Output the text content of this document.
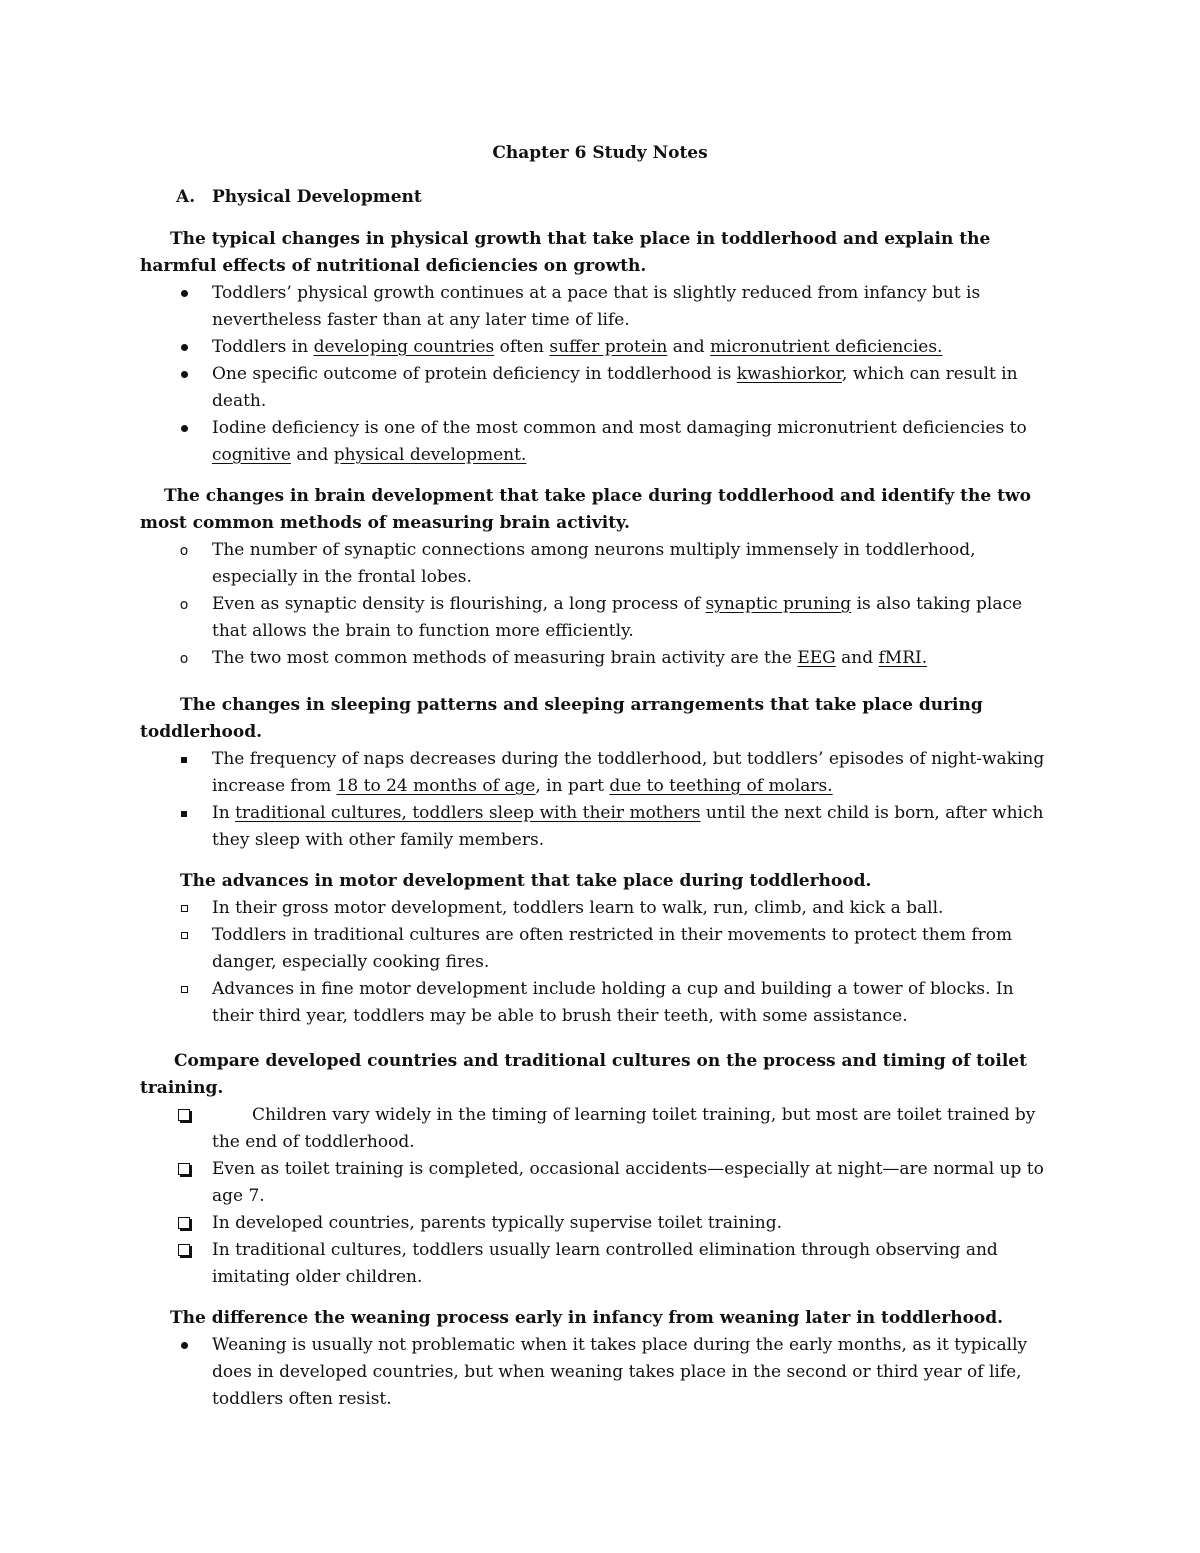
Chapter 6 Study Notes
A. Physical Development

The typical changes in physical growth that take place in toddlerhood and explain the harmful effects of nutritional deficiencies on growth.

Toddlers’ physical growth continues at a pace that is slightly reduced from infancy but is nevertheless faster than at any later time of life.
Toddlers in developing countries often suffer protein and micronutrient deficiencies.
One specific outcome of protein deficiency in toddlerhood is kwashiorkor, which can result in death.
Iodine deficiency is one of the most common and most damaging micronutrient deficiencies to cognitive and physical development.

The changes in brain development that take place during toddlerhood and identify the two most common methods of measuring brain activity.

o
The number of synaptic connections among neurons multiply immensely in toddlerhood, especially in the frontal lobes.
o
Even as synaptic density is flourishing, a long process of synaptic pruning is also taking place that allows the brain to function more efficiently.
o
The two most common methods of measuring brain activity are the EEG and fMRI.

The changes in sleeping patterns and sleeping arrangements that take place during toddlerhood.

The frequency of naps decreases during the toddlerhood, but toddlers’ episodes of night-waking increase from 18 to 24 months of age, in part due to teething of molars.
In traditional cultures, toddlers sleep with their mothers until the next child is born, after which they sleep with other family members.

The advances in motor development that take place during toddlerhood.

In their gross motor development, toddlers learn to walk, run, climb, and kick a ball.
Toddlers in traditional cultures are often restricted in their movements to protect them from danger, especially cooking fires.
Advances in fine motor development include holding a cup and building a tower of blocks. In their third year, toddlers may be able to brush their teeth, with some assistance.

Compare developed countries and traditional cultures on the process and timing of toilet training.

Children vary widely in the timing of learning toilet training, but most are toilet trained by the end of toddlerhood.
Even as toilet training is completed, occasional accidents—especially at night—are normal up to age 7.
In developed countries, parents typically supervise toilet training.
In traditional cultures, toddlers usually learn controlled elimination through observing and imitating older children.

The difference the weaning process early in infancy from weaning later in toddlerhood.

Weaning is usually not problematic when it takes place during the early months, as it typically does in developed countries, but when weaning takes place in the second or third year of life, toddlers often resist.
